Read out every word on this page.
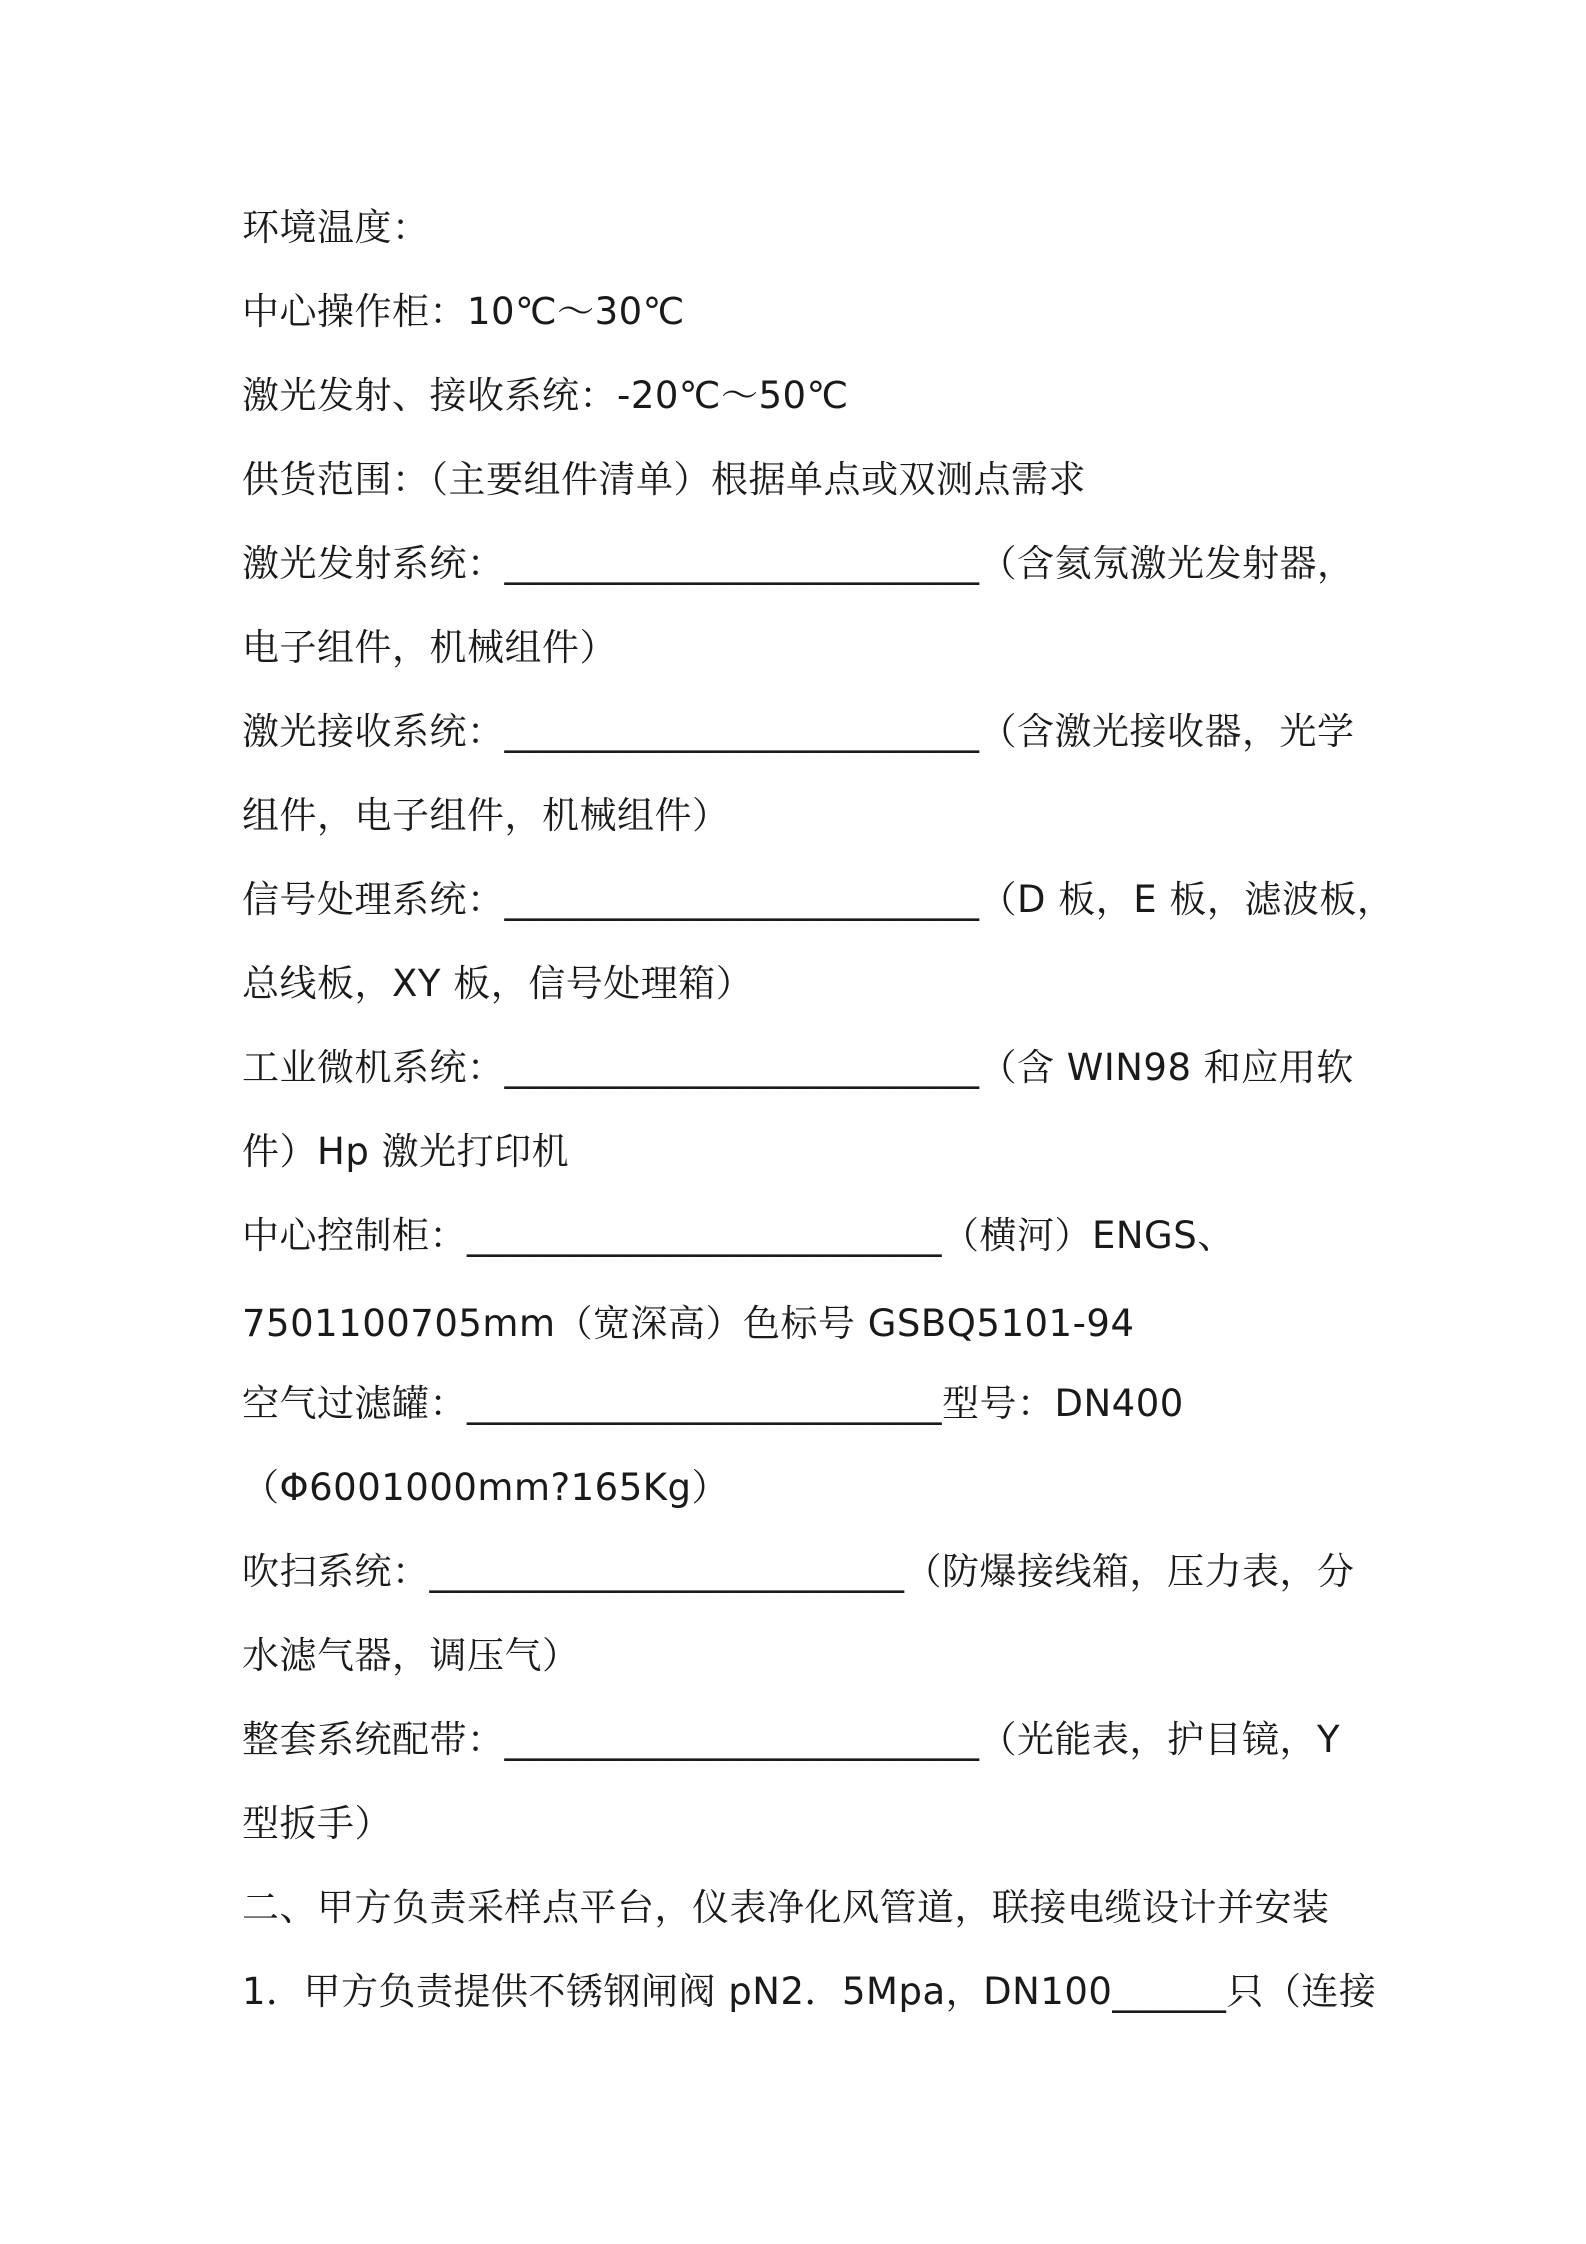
环境温度：
中心操作柜：10℃～30℃
激光发射、接收系统：-20℃～50℃
供货范围：（主要组件清单）根据单点或双测点需求
激光发射系统：_________________________（含氦氖激光发射器，
电子组件，机械组件）
激光接收系统：_________________________（含激光接收器，光学
组件，电子组件，机械组件）
信号处理系统：_________________________（D 板，E 板，滤波板，
总线板，XY 板，信号处理箱）
工业微机系统：_________________________（含 WIN98 和应用软
件）Hp 激光打印机
中心控制柜：_________________________（横河）ENGS、
7501100705mm（宽深高）色标号 GSBQ5101-94
空气过滤罐：_________________________型号：DN400
（Φ6001000mm?165Kg）
吹扫系统：_________________________（防爆接线箱，压力表，分
水滤气器，调压气）
整套系统配带：_________________________（光能表，护目镜，Y
型扳手）
二、甲方负责采样点平台，仪表净化风管道，联接电缆设计并安装
1．甲方负责提供不锈钢闸阀 pN2．5Mpa，DN100______只（连接
